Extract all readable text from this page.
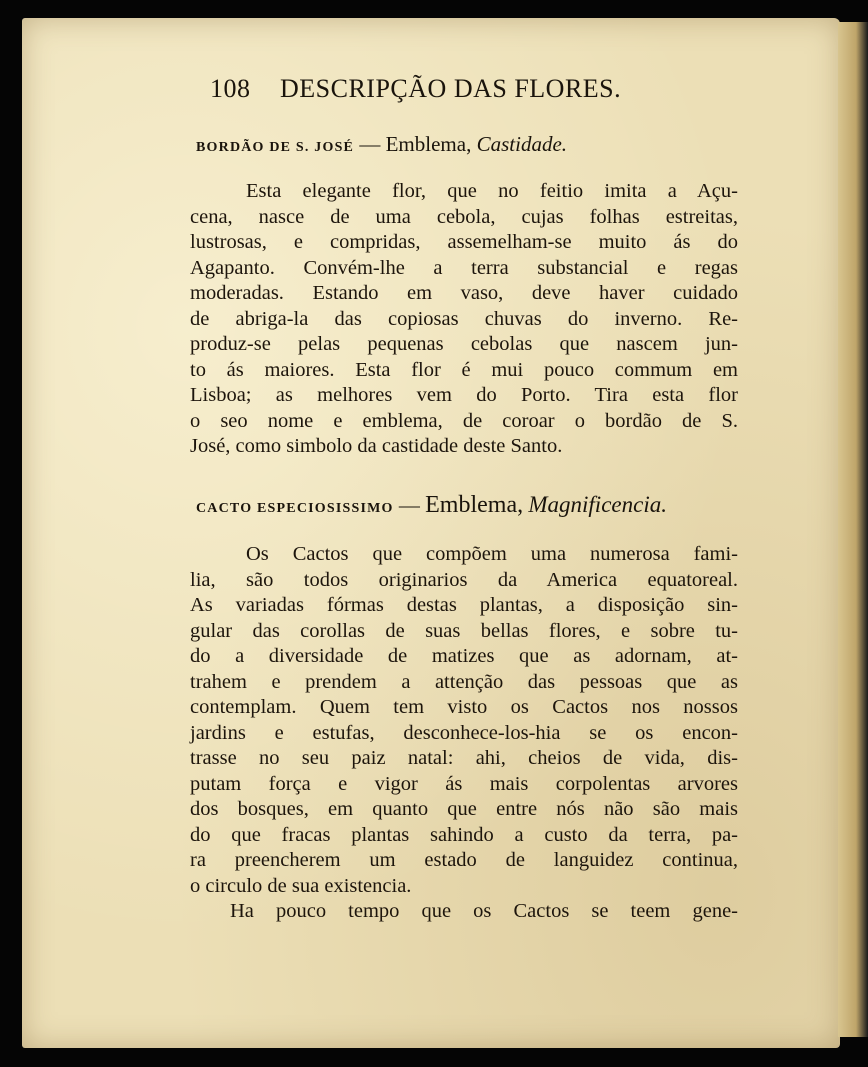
108 DESCRIPÇÃO DAS FLORES.
BORDÃO DE S. JOSÉ — Emblema, Castidade.
Esta elegante flor, que no feitio imita a Açu-
cena, nasce de uma cebola, cujas folhas estreitas,
lustrosas, e compridas, assemelham-se muito ás do
Agapanto. Convém-lhe a terra substancial e regas
moderadas. Estando em vaso, deve haver cuidado
de abriga-la das copiosas chuvas do inverno. Re-
produz-se pelas pequenas cebolas que nascem jun-
to ás maiores. Esta flor é mui pouco commum em
Lisboa; as melhores vem do Porto. Tira esta flor
o seo nome e emblema, de coroar o bordão de S.
José, como simbolo da castidade deste Santo.
CACTO ESPECIOSISSIMO — Emblema, Magnificencia.
Os Cactos que compõem uma numerosa fami-
lia, são todos originarios da America equatoreal.
As variadas fórmas destas plantas, a disposição sin-
gular das corollas de suas bellas flores, e sobre tu-
do a diversidade de matizes que as adornam, at-
trahem e prendem a attenção das pessoas que as
contemplam. Quem tem visto os Cactos nos nossos
jardins e estufas, desconhece-los-hia se os encon-
trasse no seu paiz natal: ahi, cheios de vida, dis-
putam força e vigor ás mais corpolentas arvores
dos bosques, em quanto que entre nós não são mais
do que fracas plantas sahindo a custo da terra, pa-
ra preencherem um estado de languidez continua,
o circulo de sua existencia.
Ha pouco tempo que os Cactos se teem gene-
